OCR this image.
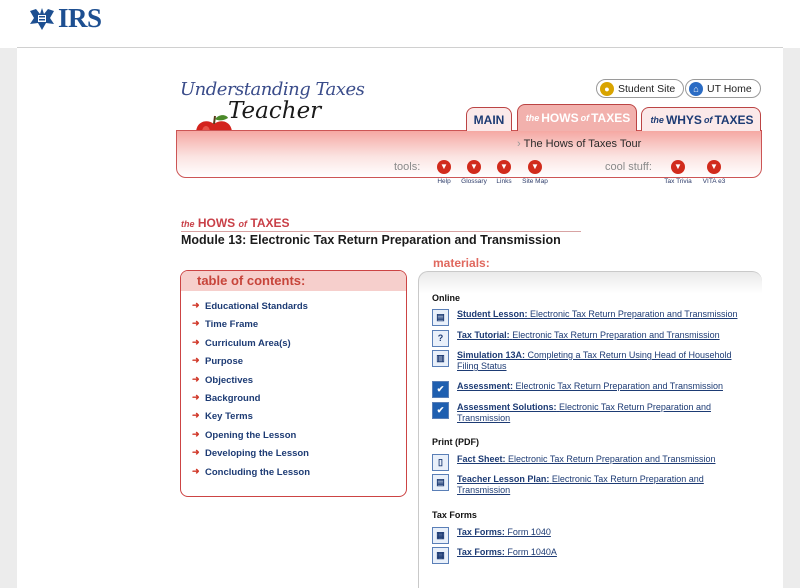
IRS
Understanding Taxes
Teacher
● Student Site	⌂ UT Home
MAIN the HOWS of TAXES the WHYS of TAXES
› The Hows of Taxes Tour
tools:	cool stuff:
▼
Help
▼
Glossary
▼
Links
▼
Site Map
▼
Tax Trivia
▼
VITA e3
the HOWS of TAXES
Module 13: Electronic Tax Return Preparation and Transmission
table of contents:
➜ Educational Standards
➜ Time Frame
➜ Curriculum Area(s)
➜ Purpose
➜ Objectives
➜ Background
➜ Key Terms
➜ Opening the Lesson
➜ Developing the Lesson
➜ Concluding the Lesson
materials:
Online
▤	Student Lesson: Electronic Tax Return Preparation and Transmission
?	Tax Tutorial: Electronic Tax Return Preparation and Transmission
▥	Simulation 13A: Completing a Tax Return Using Head of Household Filing Status
✔	Assessment: Electronic Tax Return Preparation and Transmission
✔	Assessment Solutions: Electronic Tax Return Preparation and Transmission
Print (PDF)
▯	Fact Sheet: Electronic Tax Return Preparation and Transmission
▤	Teacher Lesson Plan: Electronic Tax Return Preparation and Transmission
Tax Forms
▦	Tax Forms: Form 1040
▦	Tax Forms: Form 1040A
